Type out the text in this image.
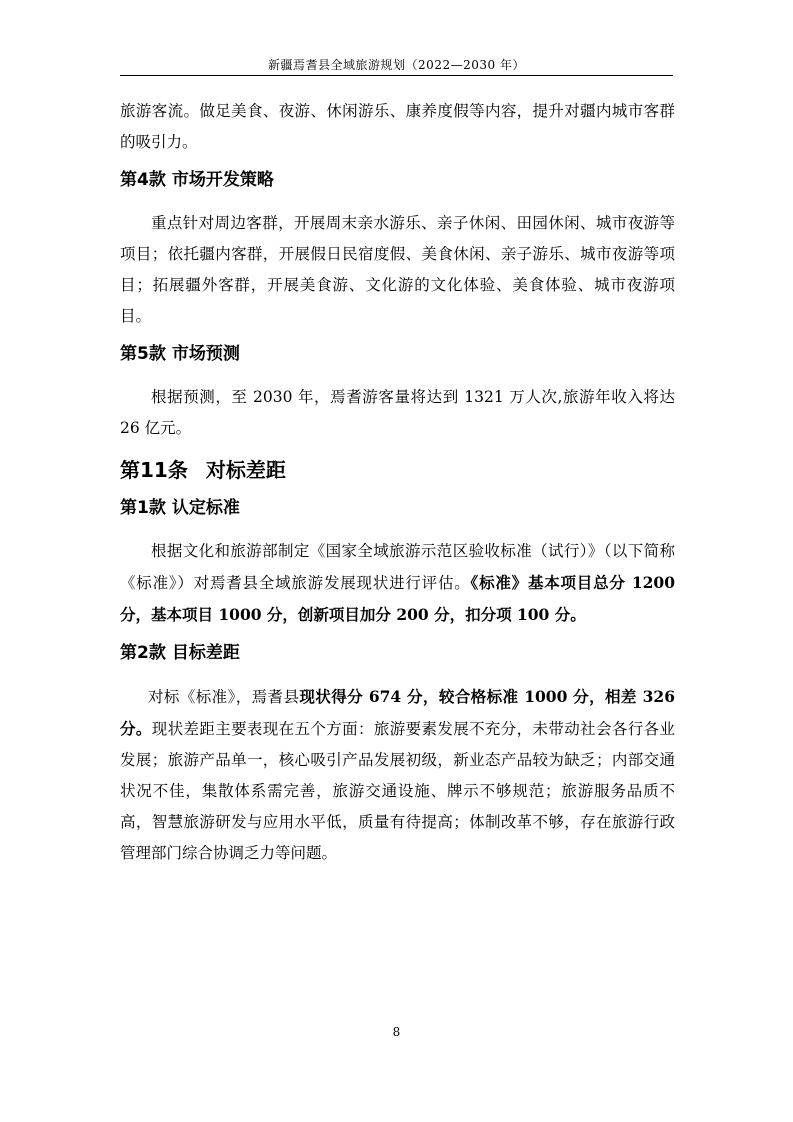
新疆焉耆县全域旅游规划（2022—2030 年）

旅游客流。做足美食、夜游、休闲游乐、康养度假等内容，提升对疆内城市客群的吸引力。

第4款 市场开发策略

重点针对周边客群，开展周末亲水游乐、亲子休闲、田园休闲、城市夜游等项目；依托疆内客群，开展假日民宿度假、美食休闲、亲子游乐、城市夜游等项目；拓展疆外客群，开展美食游、文化游的文化体验、美食体验、城市夜游项目。

第5款 市场预测

根据预测，至 2030 年，焉耆游客量将达到 1321 万人次,旅游年收入将达 26 亿元。

第11条 对标差距
第1款 认定标准

根据文化和旅游部制定《国家全域旅游示范区验收标准（试行）》（以下简称《标准》）对焉耆县全域旅游发展现状进行评估。《标准》基本项目总分 1200 分，基本项目 1000 分，创新项目加分 200 分，扣分项 100 分。

第2款 目标差距

对标《标准》，焉耆县现状得分 674 分，较合格标准 1000 分，相差 326 分。现状差距主要表现在五个方面：旅游要素发展不充分，未带动社会各行各业发展；旅游产品单一，核心吸引产品发展初级，新业态产品较为缺乏；内部交通状况不佳，集散体系需完善，旅游交通设施、牌示不够规范；旅游服务品质不高，智慧旅游研发与应用水平低，质量有待提高；体制改革不够，存在旅游行政管理部门综合协调乏力等问题。

8
